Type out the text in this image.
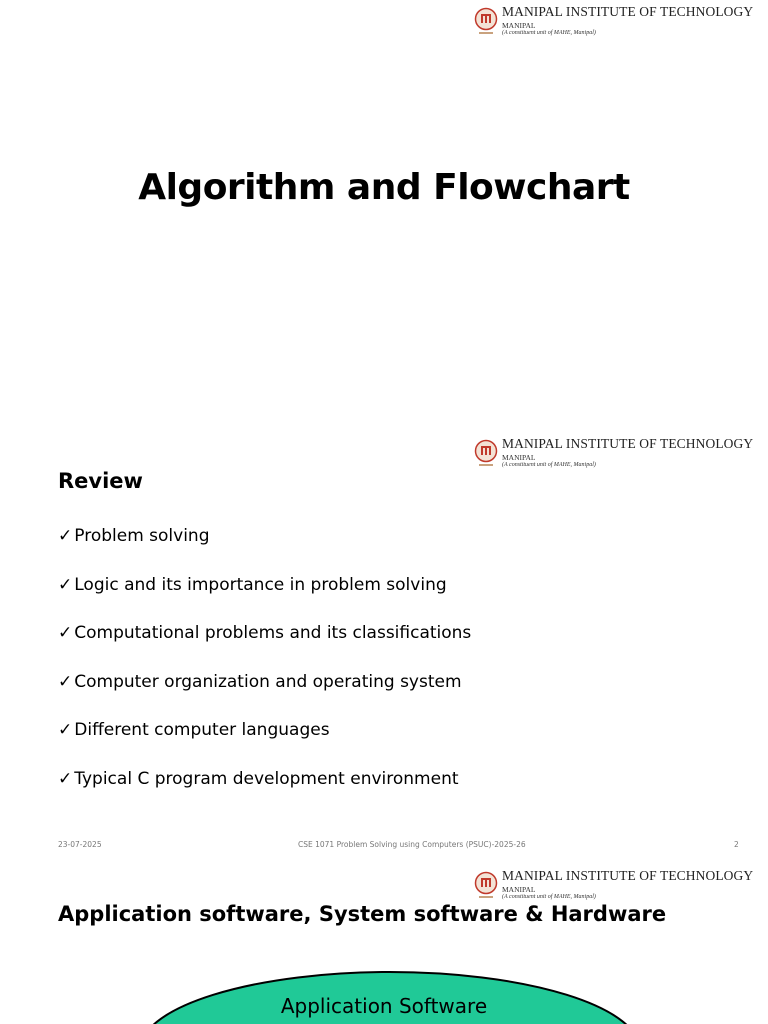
MANIPAL INSTITUTE OF TECHNOLOGY
MANIPAL
(A constituent unit of MAHE, Manipal)
Algorithm and Flowchart
MANIPAL INSTITUTE OF TECHNOLOGY
MANIPAL
(A constituent unit of MAHE, Manipal)
Review
✓ Problem solving
✓ Logic and its importance in problem solving
✓ Computational problems and its classifications
✓ Computer organization and operating system
✓ Different computer languages
✓ Typical C program development environment
23-07-2025	CSE 1071 Problem Solving using Computers (PSUC)-2025-26	2
MANIPAL INSTITUTE OF TECHNOLOGY
MANIPAL
(A constituent unit of MAHE, Manipal)
Application software, System software & Hardware
Application Software
